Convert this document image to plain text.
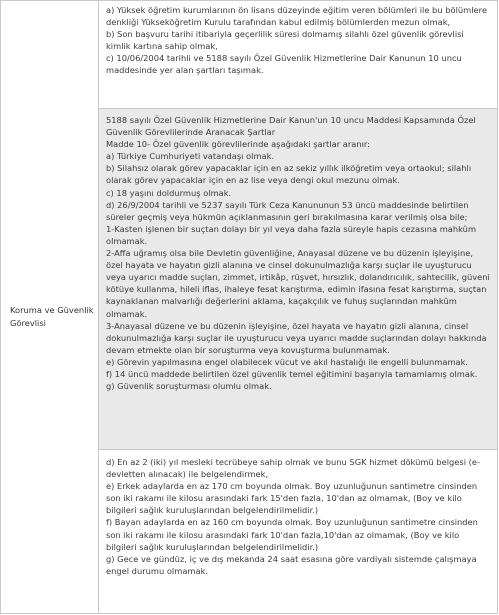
Koruma ve Güvenlik Görevlisi

a) Yüksek öğretim kurumlarının ön lisans düzeyinde eğitim veren bölümleri ile bu bölümlere denkliği Yükseköğretim Kurulu tarafından kabul edilmiş bölümlerden mezun olmak,

b) Son başvuru tarihi itibariyla geçerlilik süresi dolmamış silahlı özel güvenlik görevlisi kimlik kartına sahip olmak,

c) 10/06/2004 tarihli ve 5188 sayılı Özel Güvenlik Hizmetlerine Dair Kanunun 10 uncu maddesinde yer alan şartları taşımak.

5188 sayılı Özel Güvenlik Hizmetlerine Dair Kanun'un 10 uncu Maddesi Kapsamında Özel Güvenlik Görevlilerinde Aranacak Şartlar

Madde 10- Özel güvenlik görevlilerinde aşağıdaki şartlar aranır:

a) Türkiye Cumhuriyeti vatandaşı olmak.

b) Silahsız olarak görev yapacaklar için en az sekiz yıllık ilköğretim veya ortaokul; silahlı olarak görev yapacaklar için en az lise veya dengi okul mezunu olmak.

c) 18 yaşını doldurmuş olmak.

d) 26/9/2004 tarihli ve 5237 sayılı Türk Ceza Kanununun 53 üncü maddesinde belirtilen süreler geçmiş veya hükmün açıklanmasının geri bırakılmasına karar verilmiş olsa bile;

1-Kasten işlenen bir suçtan dolayı bir yıl veya daha fazla süreyle hapis cezasına mahkûm olmamak.

2-Affa uğramış olsa bile Devletin güvenliğine, Anayasal düzene ve bu düzenin işleyişine, özel hayata ve hayatın gizli alanına ve cinsel dokunulmazlığa karşı suçlar ile uyuşturucu veya uyarıcı madde suçları, zimmet, irtikâp, rüşvet, hırsızlık, dolandırıcılık, sahtecilik, güveni kötüye kullanma, hileli iflas, ihaleye fesat karıştırma, edimin ifasına fesat karıştırma, suçtan kaynaklanan malvarlığı değerlerini aklama, kaçakçılık ve fuhuş suçlarından mahkûm olmamak.

3-Anayasal düzene ve bu düzenin işleyişine, özel hayata ve hayatın gizli alanına, cinsel dokunulmazlığa karşı suçlar ile uyuşturucu veya uyarıcı madde suçlarından dolayı hakkında devam etmekte olan bir soruşturma veya kovuşturma bulunmamak.

e) Görevin yapılmasına engel olabilecek vücut ve akıl hastalığı ile engelli bulunmamak.

f) 14 üncü maddede belirtilen özel güvenlik temel eğitimini başarıyla tamamlamış olmak.

g) Güvenlik soruşturması olumlu olmak.

d) En az 2 (iki) yıl mesleki tecrübeye sahip olmak ve bunu SGK hizmet dökümü belgesi (e-devletten alınacak) ile belgelendirmek,

e) Erkek adaylarda en az 170 cm boyunda olmak. Boy uzunluğunun santimetre cinsinden son iki rakamı ile kilosu arasındaki fark 15'den fazla, 10'dan az olmamak, (Boy ve kilo bilgileri sağlık kuruluşlarından belgelendirilmelidir.)

f) Bayan adaylarda en az 160 cm boyunda olmak. Boy uzunluğunun santimetre cinsinden son iki rakamı ile kilosu arasındaki fark 10'dan fazla,10'dan az olmamak, (Boy ve kilo bilgileri sağlık kuruluşlarından belgelendirilmelidir.)

g) Gece ve gündüz, iç ve dış mekanda 24 saat esasına göre vardiyalı sistemde çalışmaya engel durumu olmamak.
